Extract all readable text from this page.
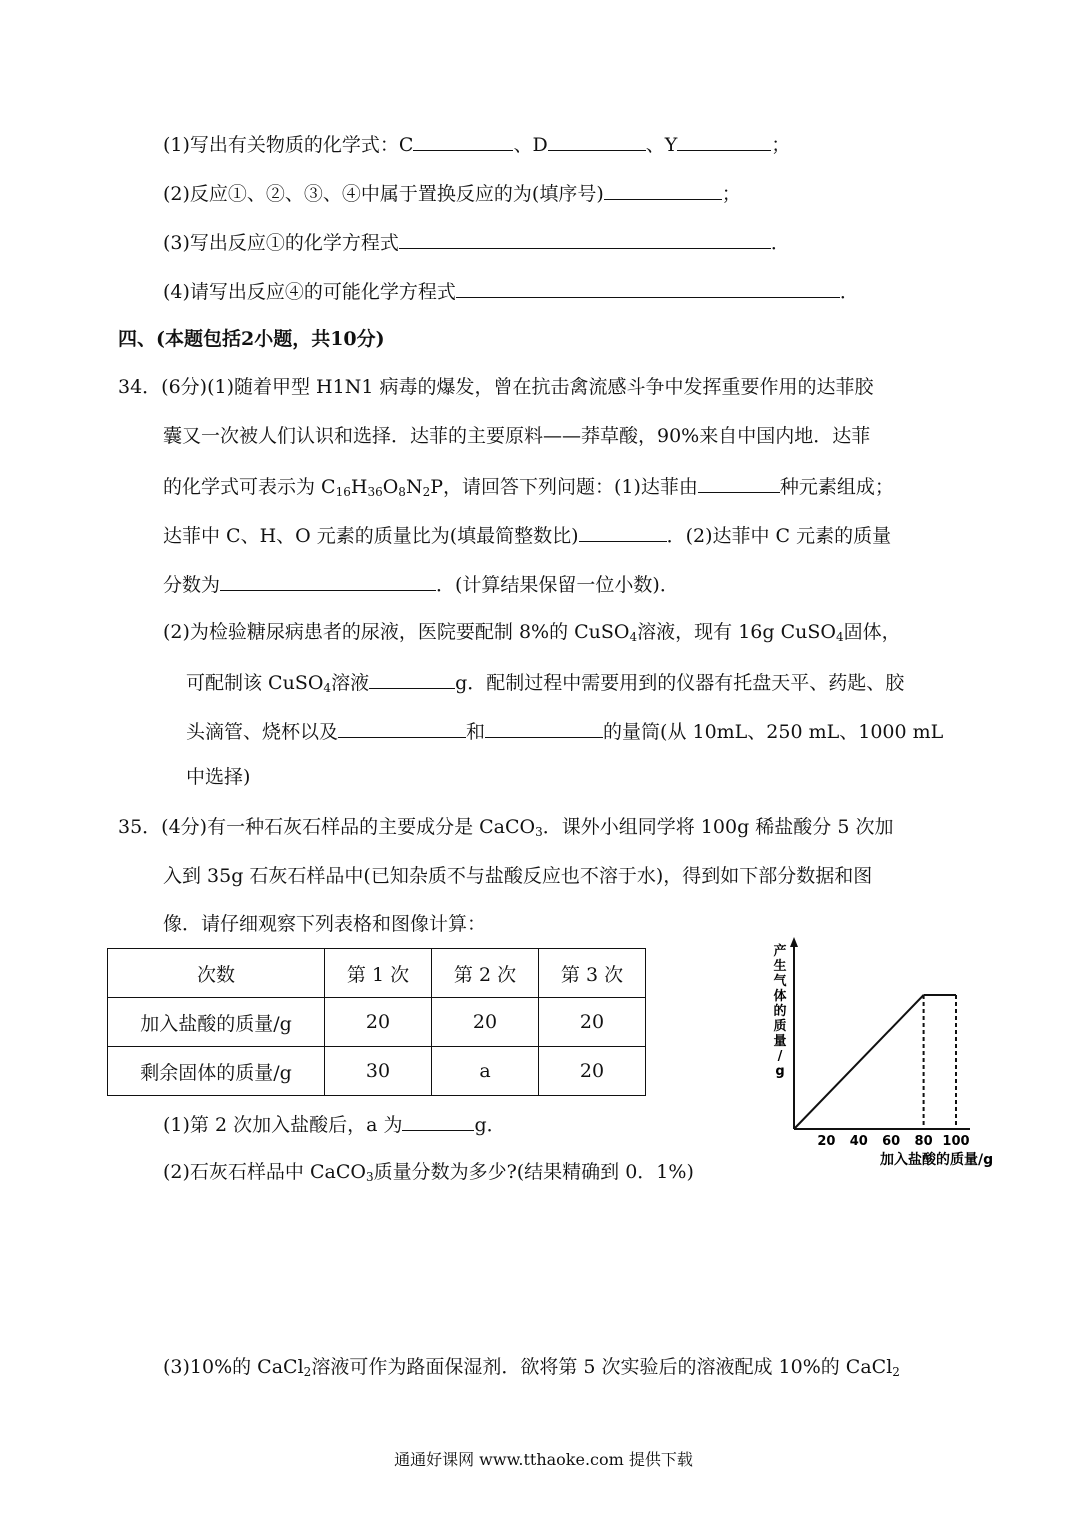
(1)写出有关物质的化学式：C	、D	、Y	；
(2)反应①、②、③、④中属于置换反应的为(填序号)	；
(3)写出反应①的化学方程式	．
(4)请写出反应④的可能化学方程式	．
四、(本题包括2小题，共10分)
34．(6分)(1)随着甲型 H1N1 病毒的爆发，曾在抗击禽流感斗争中发挥重要作用的达菲胶
囊又一次被人们认识和选择．达菲的主要原料——莽草酸，90%来自中国内地．达菲
的化学式可表示为 $C_{16}H_{36}O_8N_2P$，请回答下列问题：(1)达菲由	种元素组成；
达菲中 C、H、O 元素的质量比为(填最简整数比)	．(2)达菲中 C 元素的质量
分数为	．(计算结果保留一位小数)．
(2)为检验糖尿病患者的尿液，医院要配制 8%的 CuSO$_4$溶液，现有 16g CuSO$_4$固体，
可配制该 CuSO$_4$溶液	g．配制过程中需要用到的仪器有托盘天平、药匙、胶
头滴管、烧杯以及	和	的量筒(从 10mL、250 mL、1000 mL
中选择)
35．(4分)有一种石灰石样品的主要成分是 CaCO$_3$．课外小组同学将 100g 稀盐酸分 5 次加
入到 35g 石灰石样品中(已知杂质不与盐酸反应也不溶于水)，得到如下部分数据和图
像．请仔细观察下列表格和图像计算：
次数	第 1 次	第 2 次	第 3 次
加入盐酸的质量/g	20	20	20
剩余固体的质量/g	30	a	20
(1)第 2 次加入盐酸后，a 为	g．
(2)石灰石样品中 CaCO$_3$质量分数为多少?(结果精确到 0．1%)
(3)10%的 CaCl$_2$溶液可作为路面保湿剂．欲将第 5 次实验后的溶液配成 10%的 CaCl$_2$
产
生
气
体
的
质
量
/
g
20 40 60 80 100
加入盐酸的质量/g
通通好课网 www.tthaoke.com 提供下载
